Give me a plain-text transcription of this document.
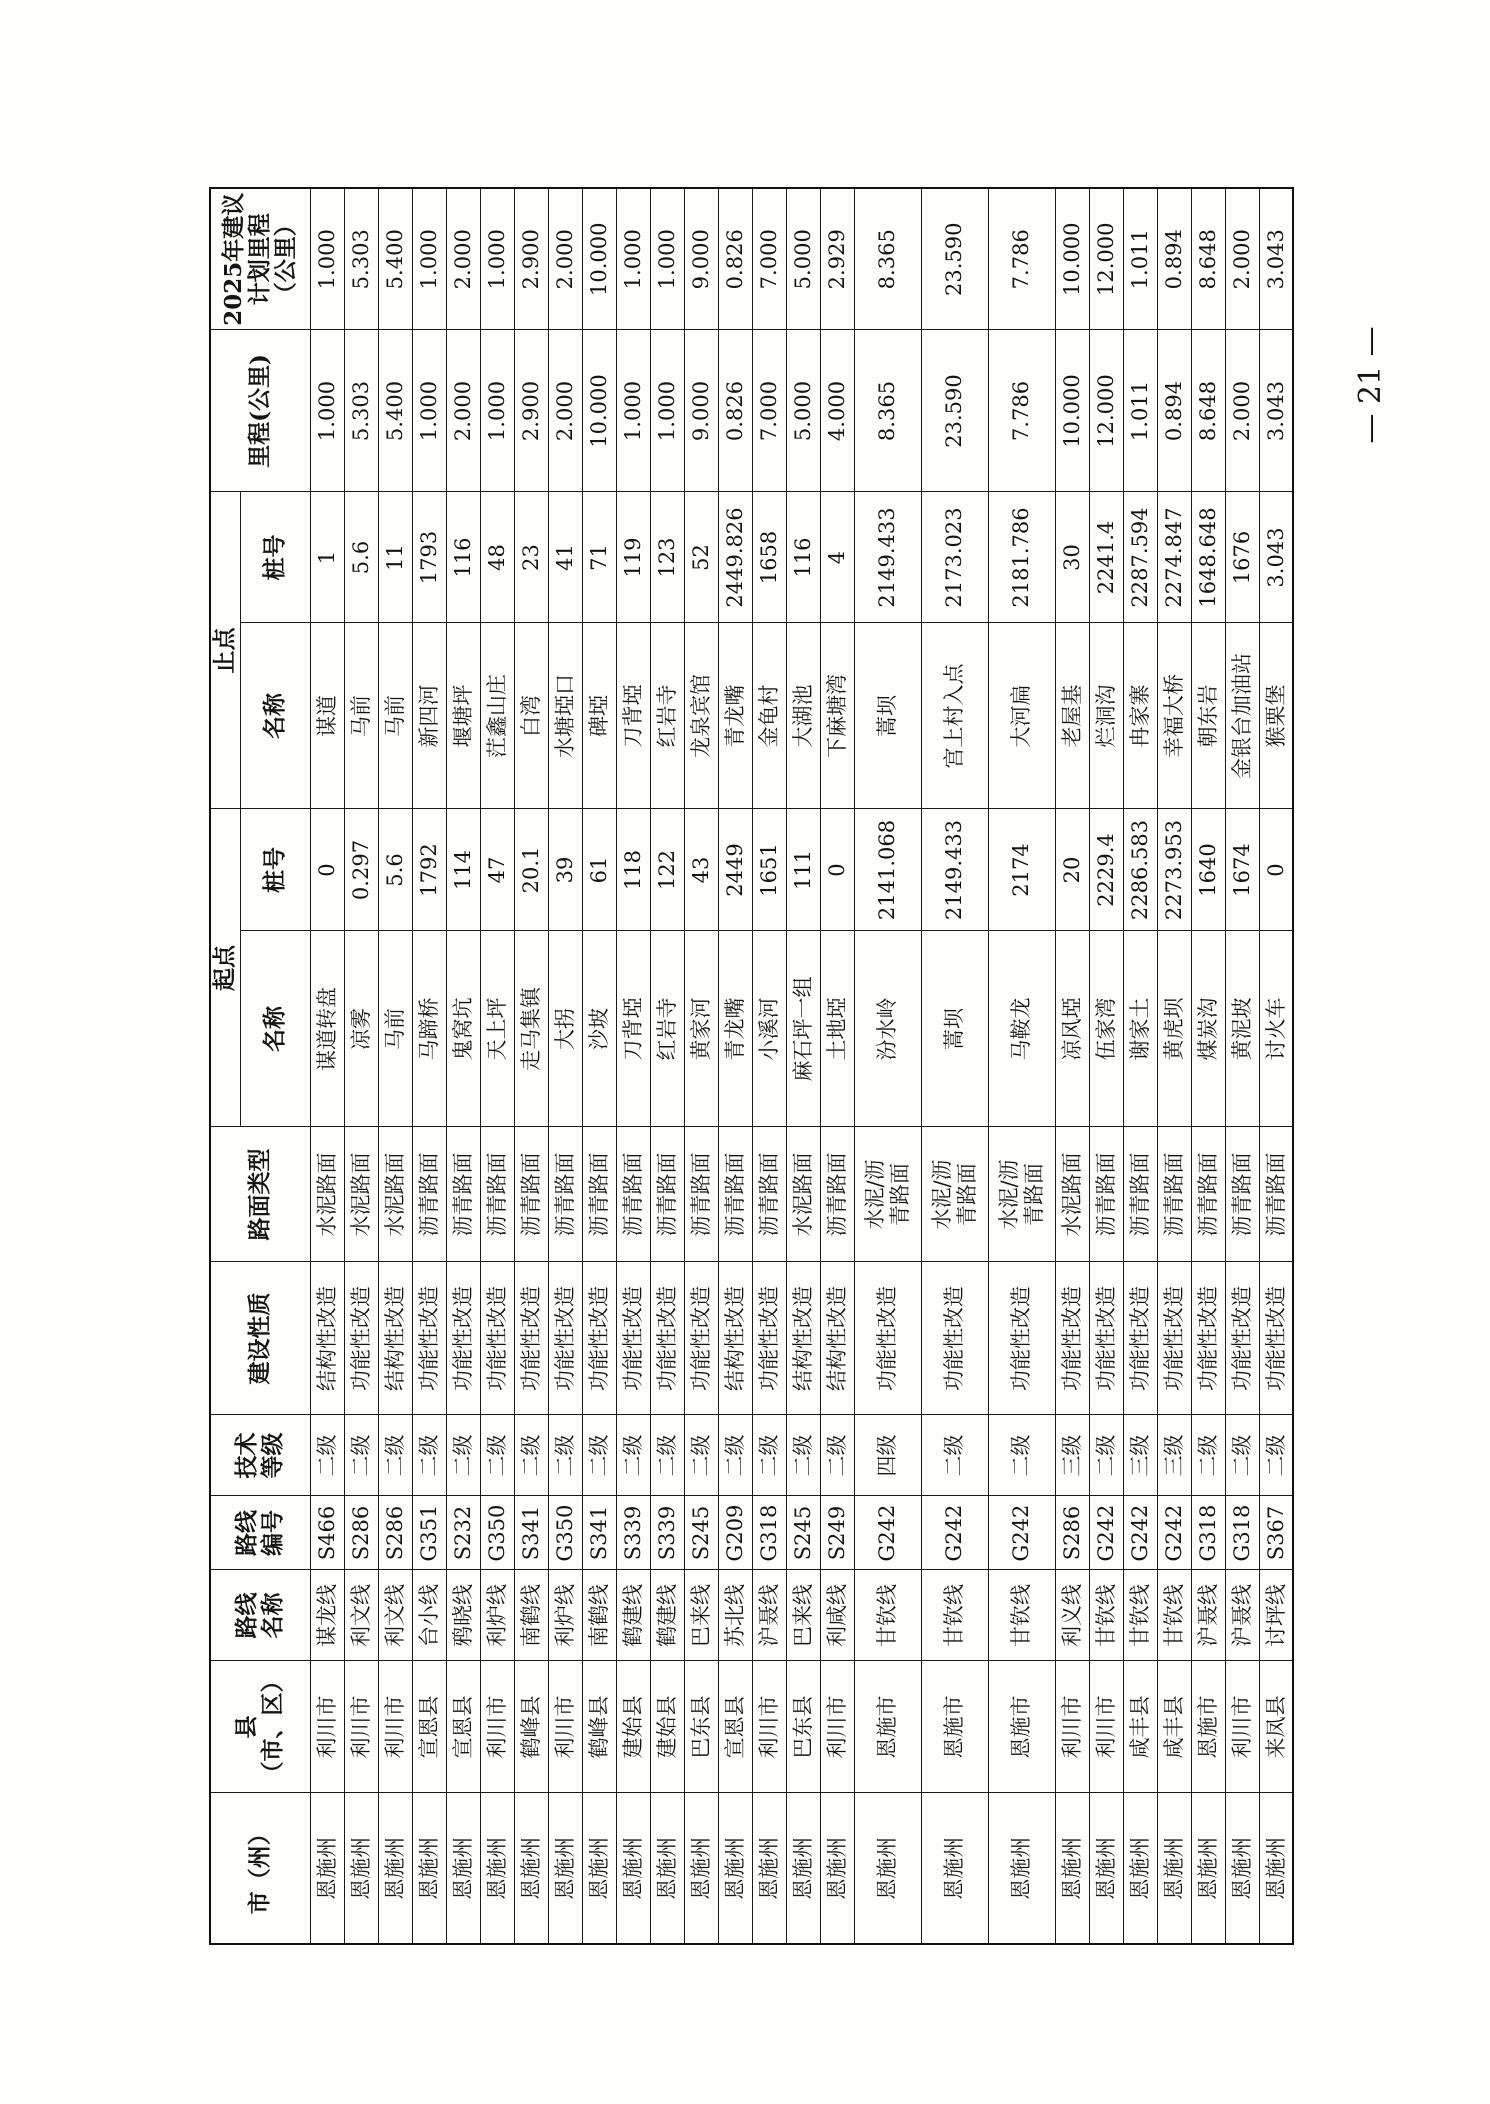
市（州）	县 （市、区）	路线 名称	路线 编号	技术 等级	建设性质	路面类型	起点		止点		里程(公里)	2025年建议 计划里程 （公里）

							名称	桩号	名称	桩号		
恩施州	利川市	谋龙线	S466	二级	结构性改造	水泥路面	谋道转盘	0	谋道	1	1.000	1.000
恩施州	利川市	利文线	S286	二级	功能性改造	水泥路面	凉雾	0.297	马前	5.6	5.303	5.303
恩施州	利川市	利文线	S286	二级	结构性改造	水泥路面	马前	5.6	马前	11	5.400	5.400
恩施州	宣恩县	台小线	G351	二级	功能性改造	沥青路面	马蹄桥	1792	新四河	1793	1.000	1.000
恩施州	宣恩县	鸦晓线	S232	二级	功能性改造	沥青路面	鬼窝坑	114	堰塘坪	116	2.000	2.000
恩施州	利川市	利炉线	G350	二级	功能性改造	沥青路面	天上坪	47	茳鑫山庄	48	1.000	1.000
恩施州	鹤峰县	南鹤线	S341	二级	功能性改造	沥青路面	走马集镇	20.1	白湾	23	2.900	2.900
恩施州	利川市	利炉线	G350	二级	功能性改造	沥青路面	大拐	39	水塘埡口	41	2.000	2.000
恩施州	鹤峰县	南鹤线	S341	二级	功能性改造	沥青路面	沙坡	61	碑埡	71	10.000	10.000
恩施州	建始县	鹤建线	S339	二级	功能性改造	沥青路面	刀背埡	118	刀背埡	119	1.000	1.000
恩施州	建始县	鹤建线	S339	二级	功能性改造	沥青路面	红岩寺	122	红岩寺	123	1.000	1.000
恩施州	巴东县	巴来线	S245	二级	功能性改造	沥青路面	黄家河	43	龙泉宾馆	52	9.000	9.000
恩施州	宣恩县	苏北线	G209	二级	结构性改造	沥青路面	青龙嘴	2449	青龙嘴	2449.826	0.826	0.826
恩施州	利川市	沪聂线	G318	二级	功能性改造	沥青路面	小溪河	1651	金龟村	1658	7.000	7.000
恩施州	巴东县	巴来线	S245	二级	结构性改造	水泥路面	麻石坪一组	111	大湖池	116	5.000	5.000
恩施州	利川市	利咸线	S249	二级	结构性改造	沥青路面	土地埡	0	下麻塘湾	4	4.000	2.929
恩施州	恩施市	甘钦线	G242	四级	功能性改造	水泥/沥青路面	汾水岭	2141.068	蒿坝	2149.433	8.365	8.365
恩施州	恩施市	甘钦线	G242	二级	功能性改造	水泥/沥青路面	蒿坝	2149.433	宫上村入点	2173.023	23.590	23.590
恩施州	恩施市	甘钦线	G242	二级	功能性改造	水泥/沥青路面	马鞍龙	2174	大河扁	2181.786	7.786	7.786
恩施州	利川市	利义线	S286	三级	功能性改造	水泥路面	凉风埡	20	老屋基	30	10.000	10.000
恩施州	利川市	甘钦线	G242	二级	功能性改造	沥青路面	伍家湾	2229.4	烂洞沟	2241.4	12.000	12.000
恩施州	咸丰县	甘钦线	G242	三级	功能性改造	沥青路面	谢家土	2286.583	冉家寨	2287.594	1.011	1.011
恩施州	咸丰县	甘钦线	G242	三级	功能性改造	沥青路面	黄虎坝	2273.953	幸福大桥	2274.847	0.894	0.894
恩施州	恩施市	沪聂线	G318	二级	功能性改造	沥青路面	煤炭沟	1640	朝东岩	1648.648	8.648	8.648
恩施州	利川市	沪聂线	G318	二级	功能性改造	沥青路面	黄泥坡	1674	金银台加油站	1676	2.000	2.000
恩施州	来凤县	讨坪线	S367	二级	功能性改造	沥青路面	讨火车	0	猴栗堡	3.043	3.043	3.043
— 21 —
